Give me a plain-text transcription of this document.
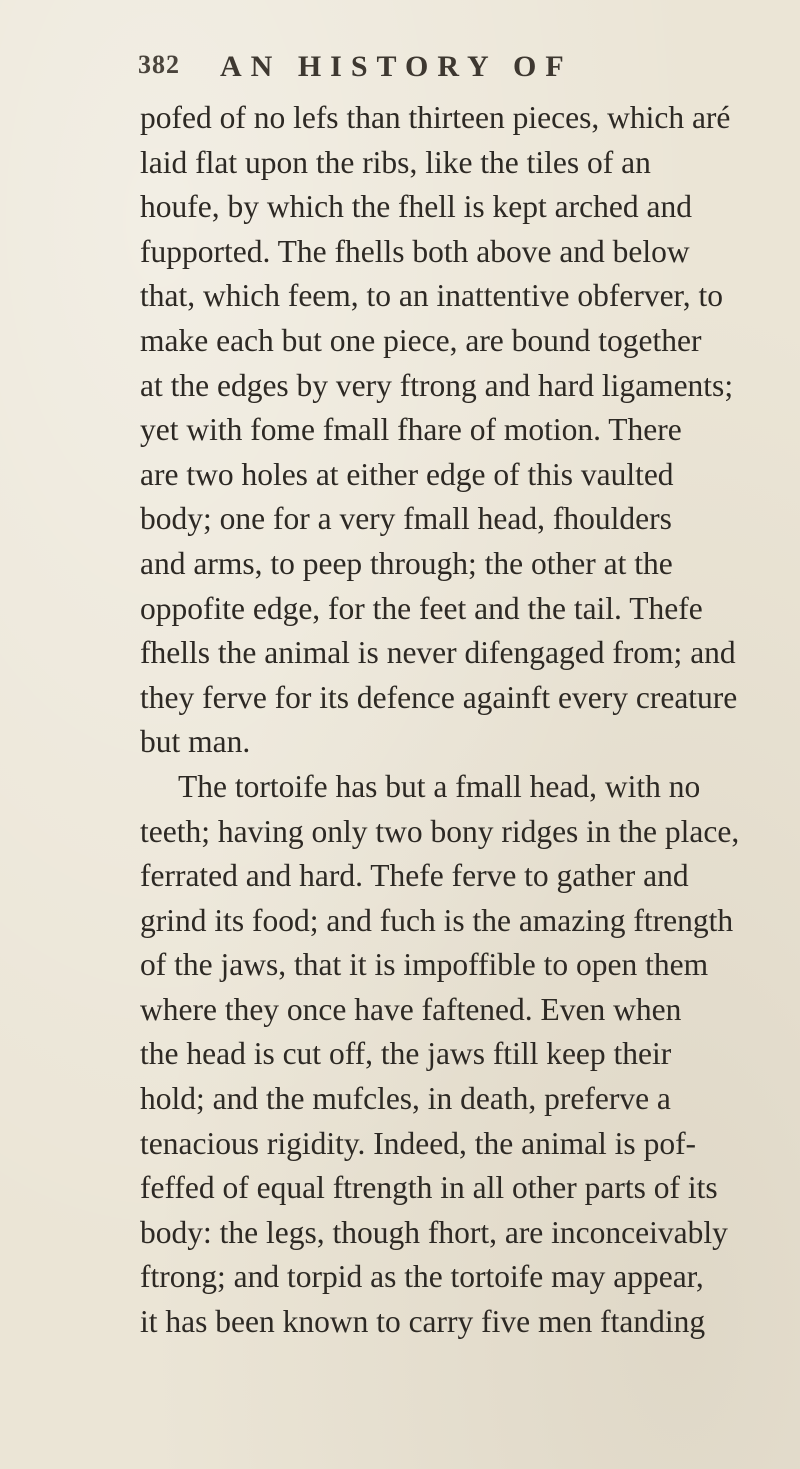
382 AN HISTORY OF
pofed of no lefs than thirteen pieces, which aré
laid flat upon the ribs, like the tiles of an
houfe, by which the fhell is kept arched and
fupported. The fhells both above and below
that, which feem, to an inattentive obferver, to
make each but one piece, are bound together
at the edges by very ftrong and hard ligaments;
yet with fome fmall fhare of motion. There
are two holes at either edge of this vaulted
body; one for a very fmall head, fhoulders
and arms, to peep through; the other at the
oppofite edge, for the feet and the tail. Thefe
fhells the animal is never difengaged from; and
they ferve for its defence againft every creature
but man.
The tortoife has but a fmall head, with no
teeth; having only two bony ridges in the place,
ferrated and hard. Thefe ferve to gather and
grind its food; and fuch is the amazing ftrength
of the jaws, that it is impoffible to open them
where they once have faftened. Even when
the head is cut off, the jaws ftill keep their
hold; and the mufcles, in death, preferve a
tenacious rigidity. Indeed, the animal is pof-
feffed of equal ftrength in all other parts of its
body: the legs, though fhort, are inconceivably
ftrong; and torpid as the tortoife may appear,
it has been known to carry five men ftanding
